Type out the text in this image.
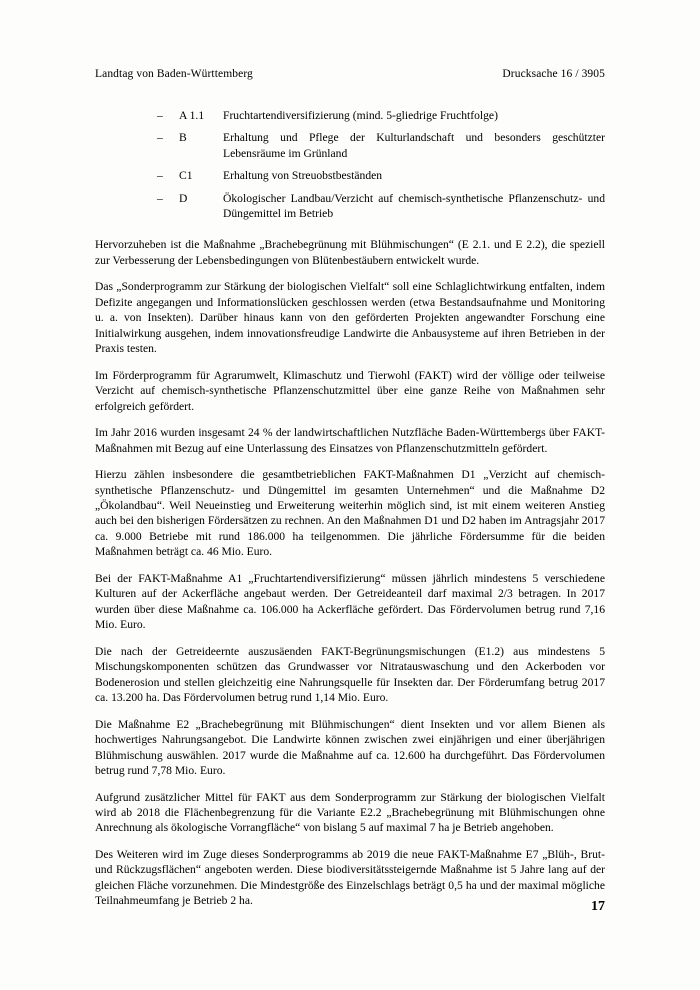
Landtag von Baden-Württemberg	Drucksache 16 / 3905
–	A 1.1	Fruchtartendiversifizierung (mind. 5-gliedrige Fruchtfolge)
–	B	Erhaltung und Pflege der Kulturlandschaft und besonders geschützter Lebensräume im Grünland
–	C1	Erhaltung von Streuobstbeständen
–	D	Ökologischer Landbau/Verzicht auf chemisch-synthetische Pflanzenschutz- und Düngemittel im Betrieb

Hervorzuheben ist die Maßnahme „Brachebegrünung mit Blühmischungen“ (E 2.1. und E 2.2), die speziell zur Verbesserung der Lebensbedingungen von Blütenbestäubern entwickelt wurde.

Das „Sonderprogramm zur Stärkung der biologischen Vielfalt“ soll eine Schlaglichtwirkung entfalten, indem Defizite angegangen und Informationslücken geschlossen werden (etwa Bestandsaufnahme und Monitoring u. a. von Insekten). Darüber hinaus kann von den geförderten Projekten angewandter Forschung eine Initialwirkung ausgehen, indem innovationsfreudige Landwirte die Anbausysteme auf ihren Betrieben in der Praxis testen.

Im Förderprogramm für Agrarumwelt, Klimaschutz und Tierwohl (FAKT) wird der völlige oder teilweise Verzicht auf chemisch-synthetische Pflanzenschutzmittel über eine ganze Reihe von Maßnahmen sehr erfolgreich gefördert.

Im Jahr 2016 wurden insgesamt 24 % der landwirtschaftlichen Nutzfläche Baden-Württembergs über FAKT-Maßnahmen mit Bezug auf eine Unterlassung des Einsatzes von Pflanzenschutzmitteln gefördert.

Hierzu zählen insbesondere die gesamtbetrieblichen FAKT-Maßnahmen D1 „Verzicht auf chemisch-synthetische Pflanzenschutz- und Düngemittel im gesamten Unternehmen“ und die Maßnahme D2 „Ökolandbau“. Weil Neueinstieg und Erweiterung weiterhin möglich sind, ist mit einem weiteren Anstieg auch bei den bisherigen Fördersätzen zu rechnen. An den Maßnahmen D1 und D2 haben im Antragsjahr 2017 ca. 9.000 Betriebe mit rund 186.000 ha teilgenommen. Die jährliche Fördersumme für die beiden Maßnahmen beträgt ca. 46 Mio. Euro.

Bei der FAKT-Maßnahme A1 „Fruchtartendiversifizierung“ müssen jährlich mindestens 5 verschiedene Kulturen auf der Ackerfläche angebaut werden. Der Getreideanteil darf maximal 2/3 betragen. In 2017 wurden über diese Maßnahme ca. 106.000 ha Ackerfläche gefördert. Das Fördervolumen betrug rund 7,16 Mio. Euro.

Die nach der Getreideernte auszusäenden FAKT-Begrünungsmischungen (E1.2) aus mindestens 5 Mischungskomponenten schützen das Grundwasser vor Nitratauswaschung und den Ackerboden vor Bodenerosion und stellen gleichzeitig eine Nahrungsquelle für Insekten dar. Der Förderumfang betrug 2017 ca. 13.200 ha. Das Fördervolumen betrug rund 1,14 Mio. Euro.

Die Maßnahme E2 „Brachebegrünung mit Blühmischungen“ dient Insekten und vor allem Bienen als hochwertiges Nahrungsangebot. Die Landwirte können zwischen zwei einjährigen und einer überjährigen Blühmischung auswählen. 2017 wurde die Maßnahme auf ca. 12.600 ha durchgeführt. Das Fördervolumen betrug rund 7,78 Mio. Euro.

Aufgrund zusätzlicher Mittel für FAKT aus dem Sonderprogramm zur Stärkung der biologischen Vielfalt wird ab 2018 die Flächenbegrenzung für die Variante E2.2 „Brachebegrünung mit Blühmischungen ohne Anrechnung als ökologische Vorrangfläche“ von bislang 5 auf maximal 7 ha je Betrieb angehoben.

Des Weiteren wird im Zuge dieses Sonderprogramms ab 2019 die neue FAKT-Maßnahme E7 „Blüh-, Brut- und Rückzugsflächen“ angeboten werden. Diese biodiversitätssteigernde Maßnahme ist 5 Jahre lang auf der gleichen Fläche vorzunehmen. Die Mindestgröße des Einzelschlags beträgt 0,5 ha und der maximal mögliche Teilnahmeumfang je Betrieb 2 ha.	17
